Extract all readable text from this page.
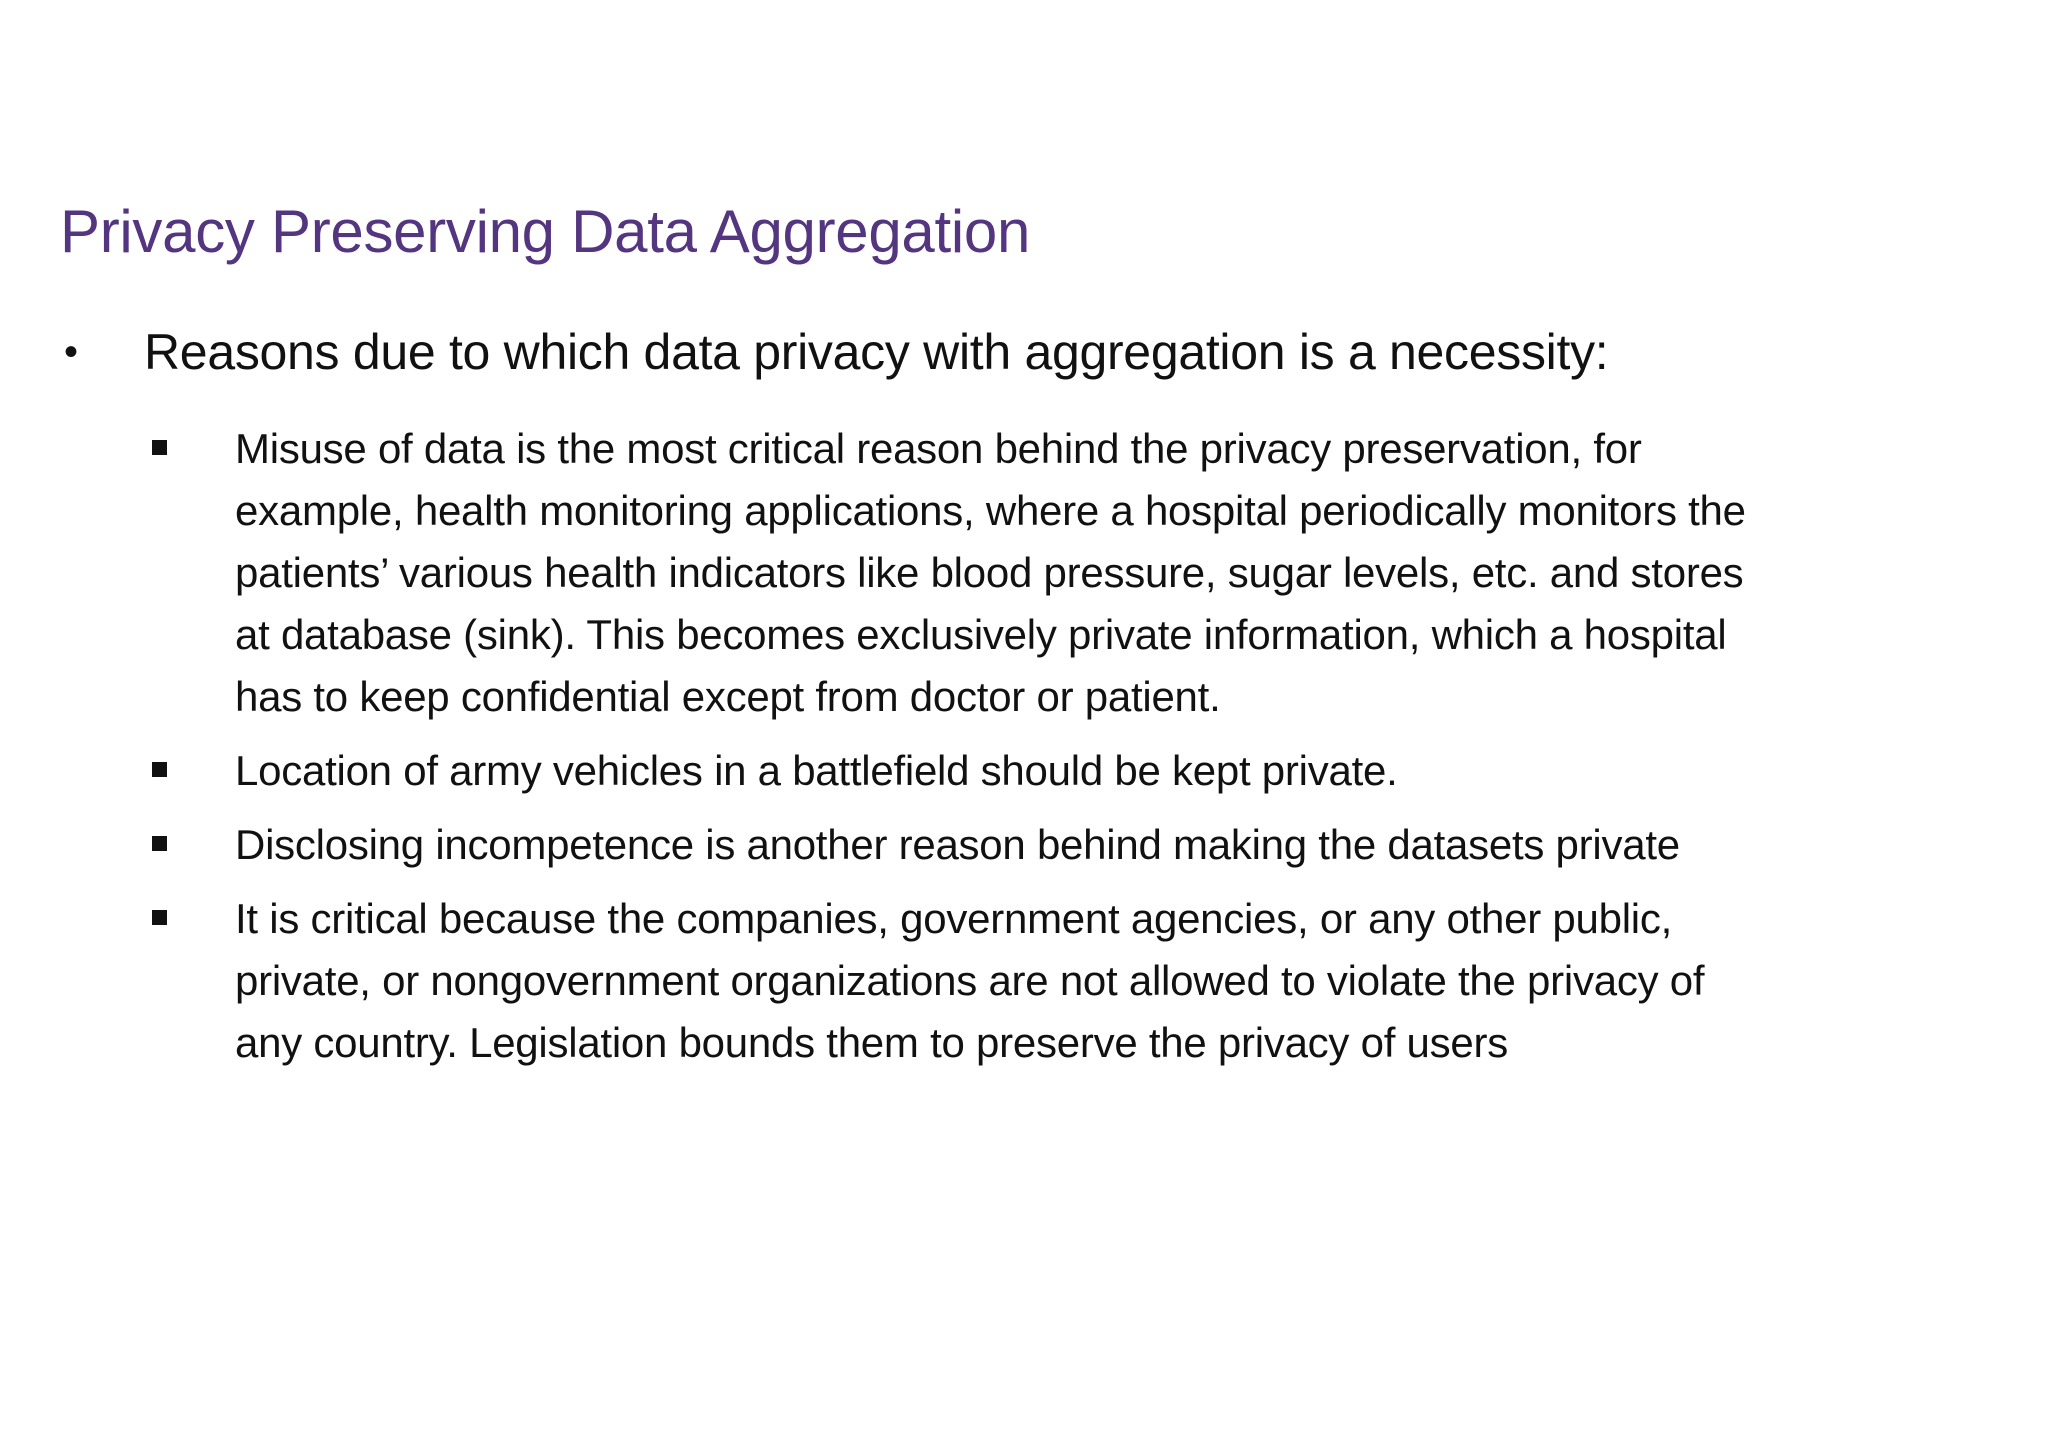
Privacy Preserving Data Aggregation
• Reasons due to which data privacy with aggregation is a necessity:
Misuse of data is the most critical reason behind the privacy preservation, for
example, health monitoring applications, where a hospital periodically monitors the
patients’ various health indicators like blood pressure, sugar levels, etc. and stores
at database (sink). This becomes exclusively private information, which a hospital
has to keep confidential except from doctor or patient.
Location of army vehicles in a battlefield should be kept private.
Disclosing incompetence is another reason behind making the datasets private
It is critical because the companies, government agencies, or any other public,
private, or nongovernment organizations are not allowed to violate the privacy of
any country. Legislation bounds them to preserve the privacy of users
